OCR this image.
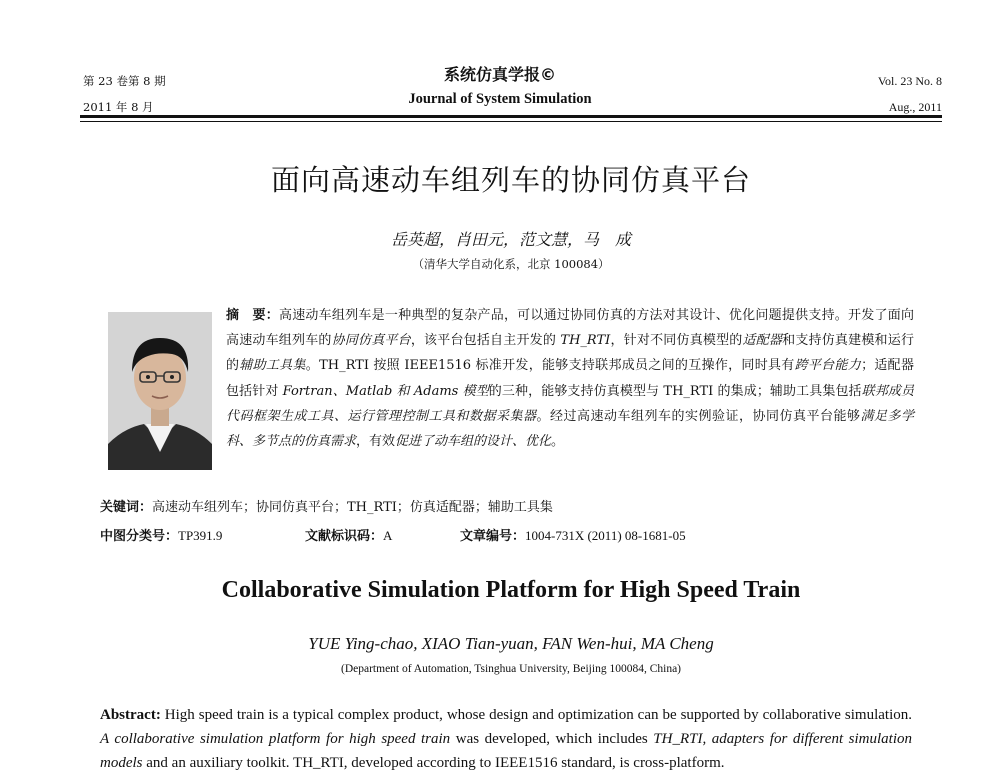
第 23 卷第 8 期
2011 年 8 月
系统仿真学报©
Journal of System Simulation
Vol. 23 No. 8
Aug., 2011
面向高速动车组列车的协同仿真平台
岳英超，肖田元，范文慧，马　成
（清华大学自动化系，北京 100084）
摘　要：高速动车组列车是一种典型的复杂产品，可以通过协同仿真的方法对其设计、优化问题提供支持。开发了面向高速动车组列车的协同仿真平台，该平台包括自主开发的 TH_RTI，针对不同仿真模型的适配器和支持仿真建模和运行的辅助工具集。TH_RTI 按照 IEEE1516 标准开发，能够支持联邦成员之间的互操作，同时具有跨平台能力；适配器包括针对 Fortran、Matlab 和 Adams 模型的三种，能够支持仿真模型与 TH_RTI 的集成；辅助工具集包括联邦成员代码框架生成工具、运行管理控制工具和数据采集器。经过高速动车组列车的实例验证，协同仿真平台能够满足多学科、多节点的仿真需求，有效促进了动车组的设计、优化。
关键词：高速动车组列车；协同仿真平台；TH_RTI；仿真适配器；辅助工具集
中图分类号：TP391.9	文献标识码：A	文章编号：1004-731X (2011) 08-1681-05
Collaborative Simulation Platform for High Speed Train
YUE Ying-chao, XIAO Tian-yuan, FAN Wen-hui, MA Cheng
(Department of Automation, Tsinghua University, Beijing 100084, China)
Abstract: High speed train is a typical complex product, whose design and optimization can be supported by collaborative simulation. A collaborative simulation platform for high speed train was developed, which includes TH_RTI, adapters for different simulation models and an auxiliary toolkit. TH_RTI, developed according to IEEE1516 standard, is cross-platform.
